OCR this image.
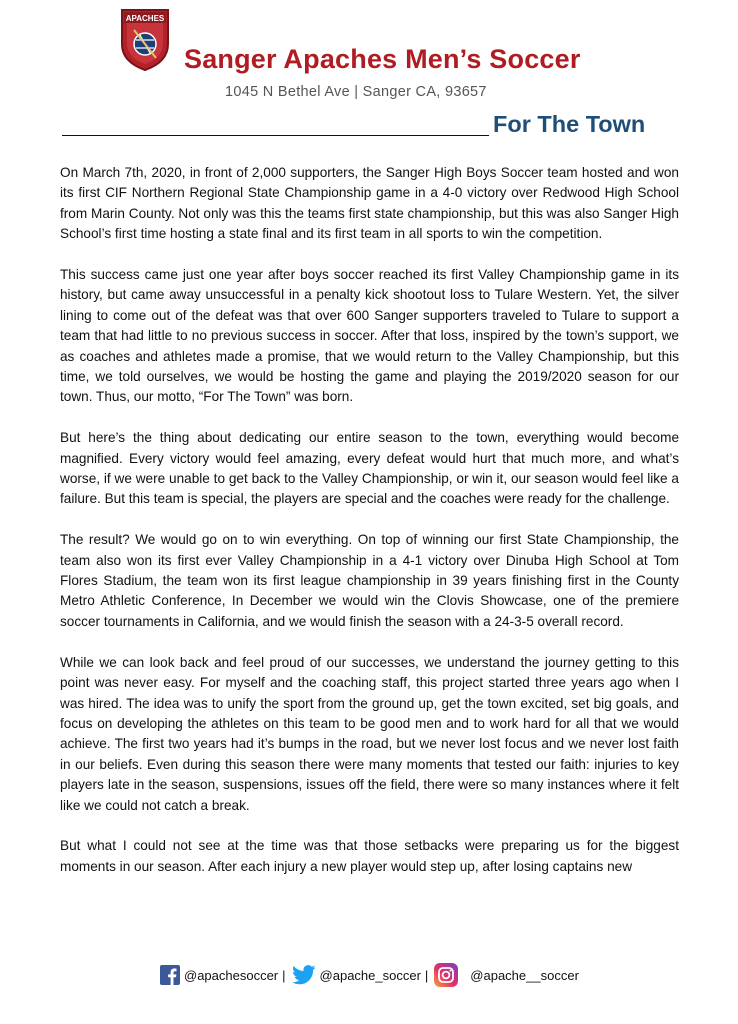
APACHES
Sanger Apaches Men’s Soccer
1045 N Bethel Ave | Sanger CA, 93657
For The Town

On March 7th, 2020, in front of 2,000 supporters, the Sanger High Boys Soccer team hosted and won its first CIF Northern Regional State Championship game in a 4-0 victory over Redwood High School from Marin County. Not only was this the teams first state championship, but this was also Sanger High School’s first time hosting a state final and its first team in all sports to win the competition.

This success came just one year after boys soccer reached its first Valley Championship game in its history, but came away unsuccessful in a penalty kick shootout loss to Tulare Western. Yet, the silver lining to come out of the defeat was that over 600 Sanger supporters traveled to Tulare to support a team that had little to no previous success in soccer. After that loss, inspired by the town’s support, we as coaches and athletes made a promise, that we would return to the Valley Championship, but this time, we told ourselves, we would be hosting the game and playing the 2019/2020 season for our town. Thus, our motto, “For The Town” was born.

But here’s the thing about dedicating our entire season to the town, everything would become magnified. Every victory would feel amazing, every defeat would hurt that much more, and what’s worse, if we were unable to get back to the Valley Championship, or win it, our season would feel like a failure. But this team is special, the players are special and the coaches were ready for the challenge.

The result? We would go on to win everything. On top of winning our first State Championship, the team also won its first ever Valley Championship in a 4-1 victory over Dinuba High School at Tom Flores Stadium, the team won its first league championship in 39 years finishing first in the County Metro Athletic Conference, In December we would win the Clovis Showcase, one of the premiere soccer tournaments in California, and we would finish the season with a 24-3-5 overall record.

While we can look back and feel proud of our successes, we understand the journey getting to this point was never easy. For myself and the coaching staff, this project started three years ago when I was hired. The idea was to unify the sport from the ground up, get the town excited, set big goals, and focus on developing the athletes on this team to be good men and to work hard for all that we would achieve. The first two years had it’s bumps in the road, but we never lost focus and we never lost faith in our beliefs. Even during this season there were many moments that tested our faith: injuries to key players late in the season, suspensions, issues off the field, there were so many instances where it felt like we could not catch a break.

But what I could not see at the time was that those setbacks were preparing us for the biggest moments in our season. After each injury a new player would step up, after losing captains new

@apachesoccer |	@apache_soccer |	@apache__soccer
